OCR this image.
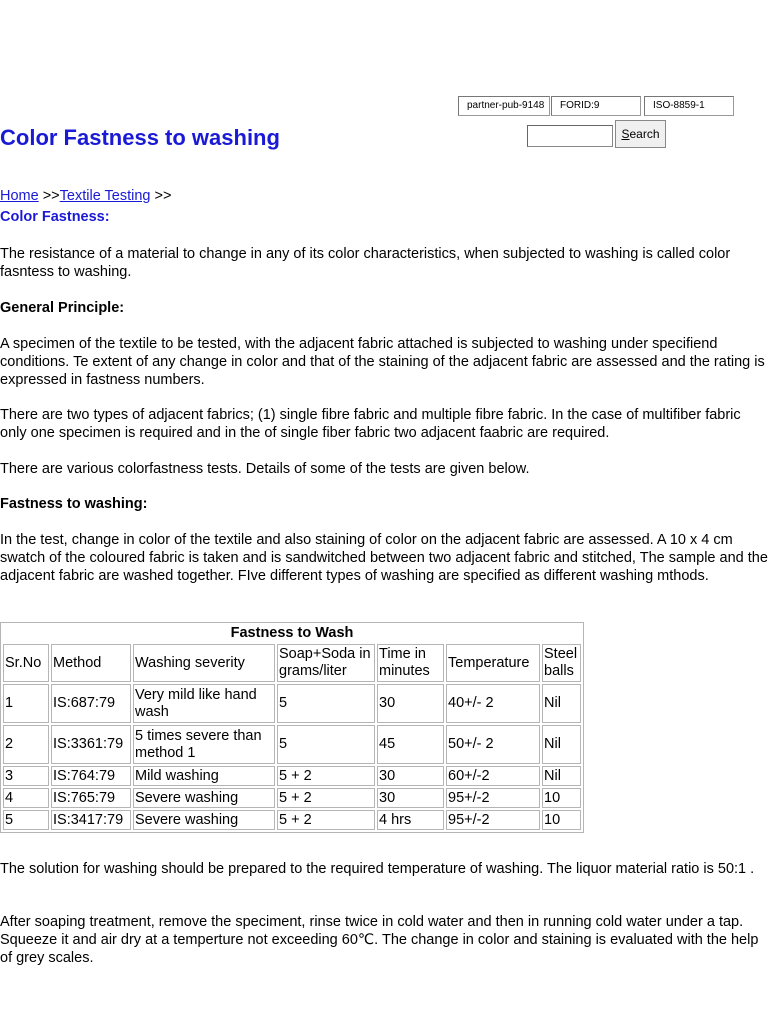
partner-pub-9148	FORID:9	ISO-8859-1
Search
Color Fastness to washing
Home >>Textile Testing >>
Color Fastness:

The resistance of a material to change in any of its color characteristics, when subjected to washing is called color fasntess to washing.

General Principle:

A specimen of the textile to be tested, with the adjacent fabric attached is subjected to washing under specifiend conditions. Te extent of any change in color and that of the staining of the adjacent fabric are assessed and the rating is expressed in fastness numbers.

There are two types of adjacent fabrics; (1) single fibre fabric and multiple fibre fabric. In the case of multifiber fabric only one specimen is required and in the of single fiber fabric two adjacent faabric are required.

There are various colorfastness tests. Details of some of the tests are given below.

Fastness to washing:

In the test, change in color of the textile and also staining of color on the adjacent fabric are assessed. A 10 x 4 cm swatch of the coloured fabric is taken and is sandwitched between two adjacent fabric and stitched, The sample and the adjacent fabric are washed together. FIve different types of washing are specified as different washing mthods.

Fastness to Wash						
Sr.No	Method	Washing severity	Soap+Soda in grams/liter	Time in minutes	Temperature	Steel balls
1	IS:687:79	Very mild like hand wash	5	30	40+/- 2	Nil
2	IS:3361:79	5 times severe than method 1	5	45	50+/- 2	Nil
3	IS:764:79	Mild washing	5 + 2	30	60+/-2	Nil
4	IS:765:79	Severe washing	5 + 2	30	95+/-2	10
5	IS:3417:79	Severe washing	5 + 2	4 hrs	95+/-2	10

The solution for washing should be prepared to the required temperature of washing. The liquor material ratio is 50:1 .

After soaping treatment, remove the speciment, rinse twice in cold water and then in running cold water under a tap. Squeeze it and air dry at a temperture not exceeding 60℃. The change in color and staining is evaluated with the help of grey scales.
